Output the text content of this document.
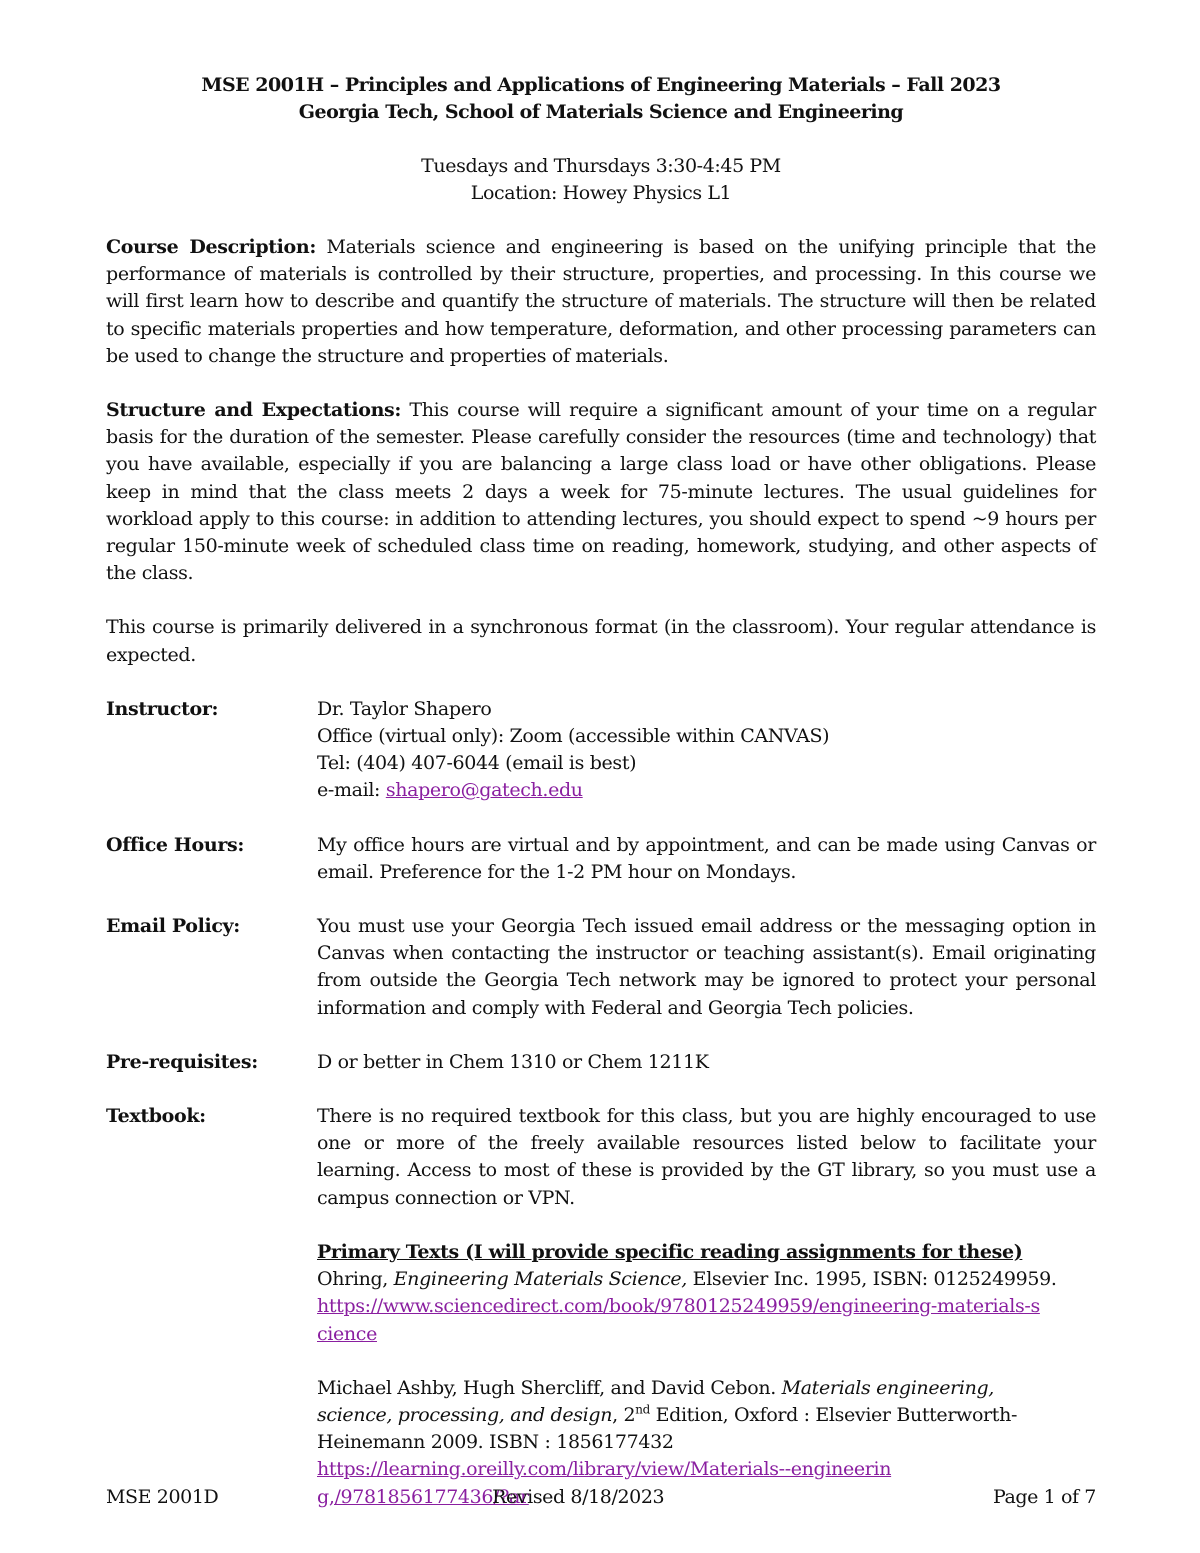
MSE 2001H – Principles and Applications of Engineering Materials – Fall 2023
Georgia Tech, School of Materials Science and Engineering
Tuesdays and Thursdays 3:30-4:45 PM
Location: Howey Physics L1
Course Description: Materials science and engineering is based on the unifying principle that the performance of materials is controlled by their structure, properties, and processing. In this course we will first learn how to describe and quantify the structure of materials. The structure will then be related to specific materials properties and how temperature, deformation, and other processing parameters can be used to change the structure and properties of materials.
Structure and Expectations: This course will require a significant amount of your time on a regular basis for the duration of the semester. Please carefully consider the resources (time and technology) that you have available, especially if you are balancing a large class load or have other obligations. Please keep in mind that the class meets 2 days a week for 75-minute lectures. The usual guidelines for workload apply to this course: in addition to attending lectures, you should expect to spend ~9 hours per regular 150-minute week of scheduled class time on reading, homework, studying, and other aspects of the class.
This course is primarily delivered in a synchronous format (in the classroom). Your regular attendance is expected.
Instructor:	Dr. Taylor Shapero
Office (virtual only): Zoom (accessible within CANVAS)
Tel: (404) 407-6044 (email is best)
e-mail: shapero@gatech.edu
Office Hours:	My office hours are virtual and by appointment, and can be made using Canvas or email. Preference for the 1-2 PM hour on Mondays.
Email Policy:	You must use your Georgia Tech issued email address or the messaging option in Canvas when contacting the instructor or teaching assistant(s). Email originating from outside the Georgia Tech network may be ignored to protect your personal information and comply with Federal and Georgia Tech policies.
Pre-requisites:	D or better in Chem 1310 or Chem 1211K
Textbook:	There is no required textbook for this class, but you are highly encouraged to use one or more of the freely available resources listed below to facilitate your learning. Access to most of these is provided by the GT library, so you must use a campus connection or VPN.
Primary Texts (I will provide specific reading assignments for these)
Ohring, Engineering Materials Science, Elsevier Inc. 1995, ISBN: 0125249959.
https://www.sciencedirect.com/book/9780125249959/engineering-materials-science
Michael Ashby, Hugh Shercliff, and David Cebon. Materials engineering, science, processing, and design, 2nd Edition, Oxford : Elsevier Butterworth-Heinemann 2009. ISBN : 1856177432
https://learning.oreilly.com/library/view/Materials--engineering,/9781856177436/?ar
MSE 2001D	Revised 8/18/2023	Page 1 of 7
